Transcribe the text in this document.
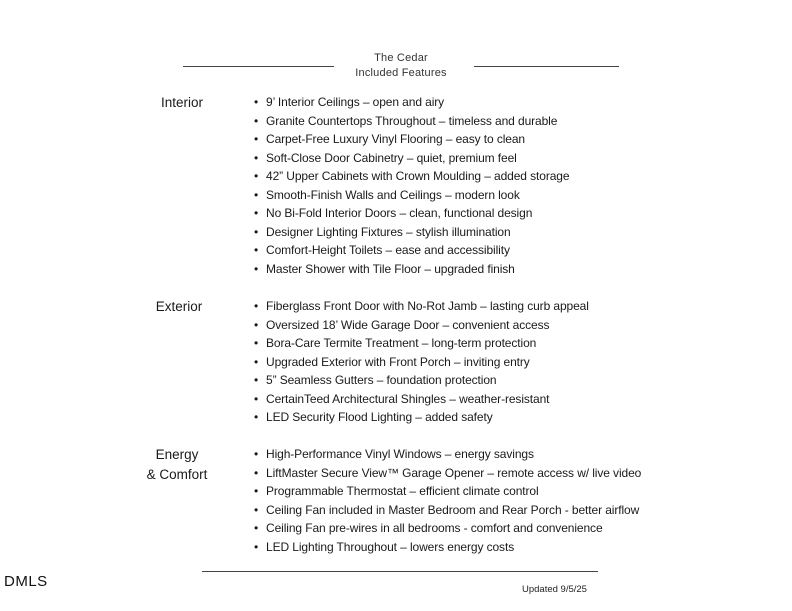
The Cedar
Included Features
Interior	• 9’ Interior Ceilings – open and airy
• Granite Countertops Throughout – timeless and durable
• Carpet-Free Luxury Vinyl Flooring – easy to clean
• Soft-Close Door Cabinetry – quiet, premium feel
• 42” Upper Cabinets with Crown Moulding – added storage
• Smooth-Finish Walls and Ceilings – modern look
• No Bi-Fold Interior Doors – clean, functional design
• Designer Lighting Fixtures – stylish illumination
• Comfort-Height Toilets – ease and accessibility
• Master Shower with Tile Floor – upgraded finish
Exterior	• Fiberglass Front Door with No-Rot Jamb – lasting curb appeal
• Oversized 18’ Wide Garage Door – convenient access
• Bora-Care Termite Treatment – long-term protection
• Upgraded Exterior with Front Porch – inviting entry
• 5” Seamless Gutters – foundation protection
• CertainTeed Architectural Shingles – weather-resistant
• LED Security Flood Lighting – added safety
Energy
& Comfort
• High-Performance Vinyl Windows – energy savings
• LiftMaster Secure View™ Garage Opener – remote access w/ live video
• Programmable Thermostat – efficient climate control
• Ceiling Fan included in Master Bedroom and Rear Porch - better airflow
• Ceiling Fan pre-wires in all bedrooms - comfort and convenience
• LED Lighting Throughout – lowers energy costs
DMLS	Updated 9/5/25
